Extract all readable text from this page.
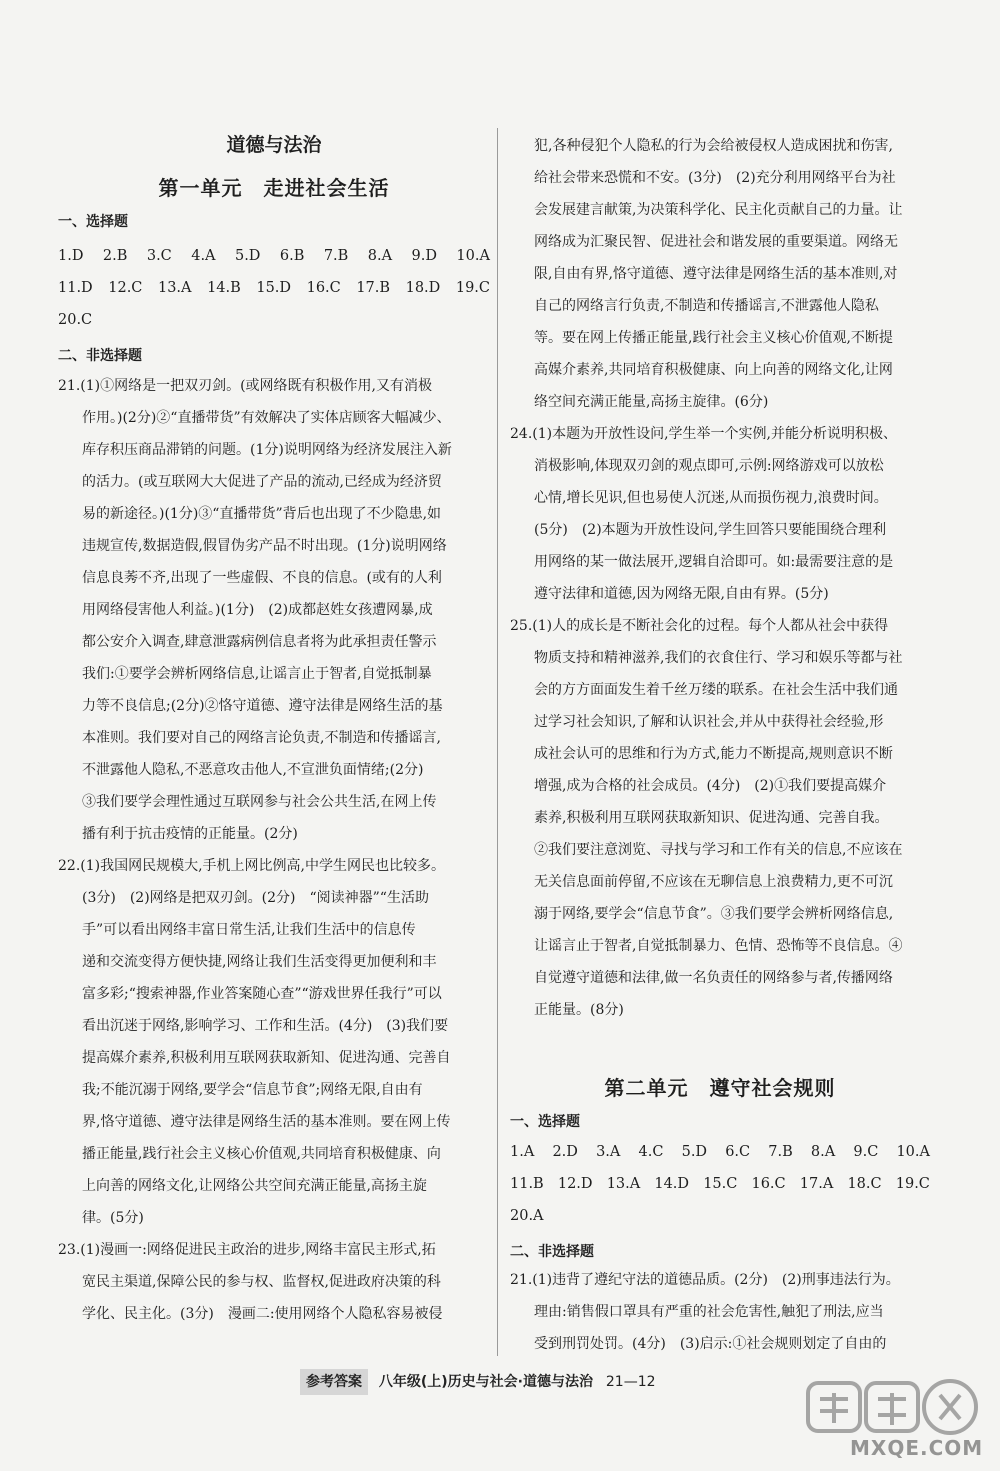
道德与法治
第一单元　走进社会生活
一、选择题
1.D 2.B 3.C 4.A 5.D 6.B 7.B 8.A 9.D 10.A
11.D 12.C 13.A 14.B 15.D 16.C 17.B 18.D 19.C
20.C
二、非选择题
21.(1)①网络是一把双刃剑。(或网络既有积极作用,又有消极
作用。)(2分)②“直播带货”有效解决了实体店顾客大幅减少、
库存积压商品滞销的问题。(1分)说明网络为经济发展注入新
的活力。(或互联网大大促进了产品的流动,已经成为经济贸
易的新途径。)(1分)③“直播带货”背后也出现了不少隐患,如
违规宣传,数据造假,假冒伪劣产品不时出现。(1分)说明网络
信息良莠不齐,出现了一些虚假、不良的信息。(或有的人利
用网络侵害他人利益。)(1分)　(2)成都赵姓女孩遭网暴,成
都公安介入调查,肆意泄露病例信息者将为此承担责任警示
我们:①要学会辨析网络信息,让谣言止于智者,自觉抵制暴
力等不良信息;(2分)②恪守道德、遵守法律是网络生活的基
本准则。我们要对自己的网络言论负责,不制造和传播谣言,
不泄露他人隐私,不恶意攻击他人,不宣泄负面情绪;(2分)
③我们要学会理性通过互联网参与社会公共生活,在网上传
播有利于抗击疫情的正能量。(2分)
22.(1)我国网民规模大,手机上网比例高,中学生网民也比较多。
(3分)　(2)网络是把双刃剑。(2分)　“阅读神器”“生活助
手”可以看出网络丰富日常生活,让我们生活中的信息传
递和交流变得方便快捷,网络让我们生活变得更加便利和丰
富多彩;“搜索神器,作业答案随心查”“游戏世界任我行”可以
看出沉迷于网络,影响学习、工作和生活。(4分)　(3)我们要
提高媒介素养,积极利用互联网获取新知、促进沟通、完善自
我;不能沉溺于网络,要学会“信息节食”;网络无限,自由有
界,恪守道德、遵守法律是网络生活的基本准则。要在网上传
播正能量,践行社会主义核心价值观,共同培育积极健康、向
上向善的网络文化,让网络公共空间充满正能量,高扬主旋
律。(5分)
23.(1)漫画一:网络促进民主政治的进步,网络丰富民主形式,拓
宽民主渠道,保障公民的参与权、监督权,促进政府决策的科
学化、民主化。(3分)　漫画二:使用网络个人隐私容易被侵
犯,各种侵犯个人隐私的行为会给被侵权人造成困扰和伤害,
给社会带来恐慌和不安。(3分)　(2)充分利用网络平台为社
会发展建言献策,为决策科学化、民主化贡献自己的力量。让
网络成为汇聚民智、促进社会和谐发展的重要渠道。网络无
限,自由有界,恪守道德、遵守法律是网络生活的基本准则,对
自己的网络言行负责,不制造和传播谣言,不泄露他人隐私
等。要在网上传播正能量,践行社会主义核心价值观,不断提
高媒介素养,共同培育积极健康、向上向善的网络文化,让网
络空间充满正能量,高扬主旋律。(6分)
24.(1)本题为开放性设问,学生举一个实例,并能分析说明积极、
消极影响,体现双刃剑的观点即可,示例:网络游戏可以放松
心情,增长见识,但也易使人沉迷,从而损伤视力,浪费时间。
(5分)　(2)本题为开放性设问,学生回答只要能围绕合理利
用网络的某一做法展开,逻辑自洽即可。如:最需要注意的是
遵守法律和道德,因为网络无限,自由有界。(5分)
25.(1)人的成长是不断社会化的过程。每个人都从社会中获得
物质支持和精神滋养,我们的衣食住行、学习和娱乐等都与社
会的方方面面发生着千丝万缕的联系。在社会生活中我们通
过学习社会知识,了解和认识社会,并从中获得社会经验,形
成社会认可的思维和行为方式,能力不断提高,规则意识不断
增强,成为合格的社会成员。(4分)　(2)①我们要提高媒介
素养,积极利用互联网获取新知识、促进沟通、完善自我。
②我们要注意浏览、寻找与学习和工作有关的信息,不应该在
无关信息面前停留,不应该在无聊信息上浪费精力,更不可沉
溺于网络,要学会“信息节食”。③我们要学会辨析网络信息,
让谣言止于智者,自觉抵制暴力、色情、恐怖等不良信息。④
自觉遵守道德和法律,做一名负责任的网络参与者,传播网络
正能量。(8分)
第二单元　遵守社会规则
一、选择题
1.A 2.D 3.A 4.C 5.D 6.C 7.B 8.A 9.C 10.A
11.B 12.D 13.A 14.D 15.C 16.C 17.A 18.C 19.C
20.A
二、非选择题
21.(1)违背了遵纪守法的道德品质。(2分)　(2)刑事违法行为。
理由:销售假口罩具有严重的社会危害性,触犯了刑法,应当
受到刑罚处罚。(4分)　(3)启示:①社会规则划定了自由的
参考答案 八年级(上)历史与社会·道德与法治 21—12
MXQE.COM
